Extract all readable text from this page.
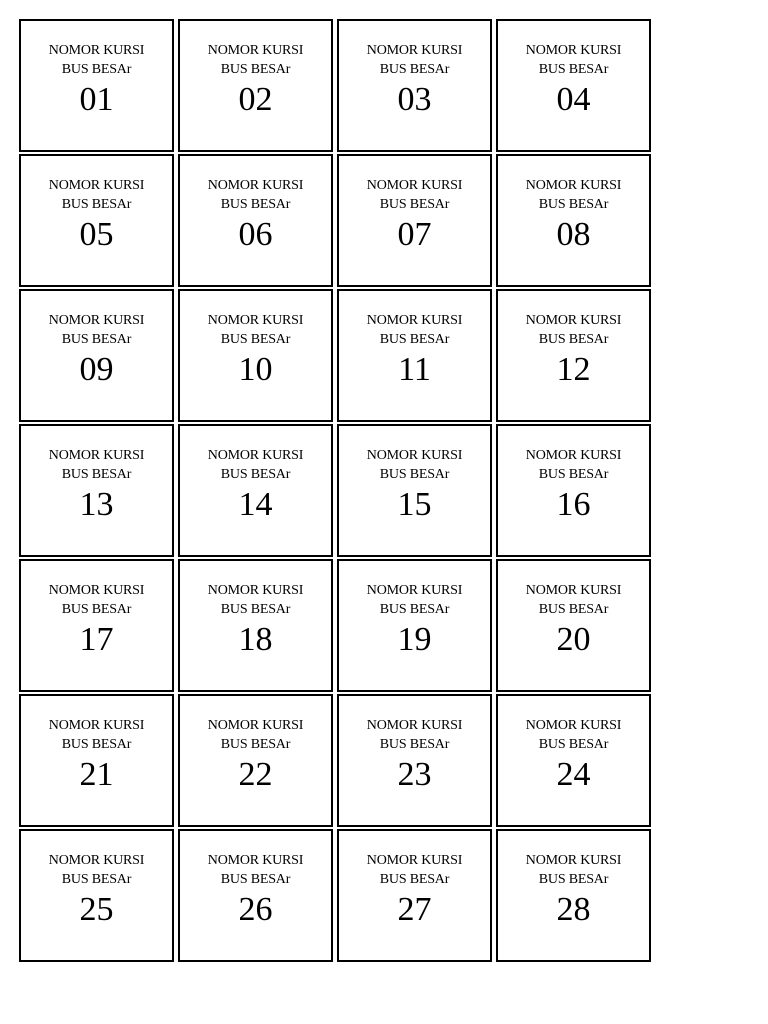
NOMOR KURSI
BUS BESAr
01
NOMOR KURSI
BUS BESAr
02
NOMOR KURSI
BUS BESAr
03
NOMOR KURSI
BUS BESAr
04
NOMOR KURSI
BUS BESAr
05
NOMOR KURSI
BUS BESAr
06
NOMOR KURSI
BUS BESAr
07
NOMOR KURSI
BUS BESAr
08
NOMOR KURSI
BUS BESAr
09
NOMOR KURSI
BUS BESAr
10
NOMOR KURSI
BUS BESAr
11
NOMOR KURSI
BUS BESAr
12
NOMOR KURSI
BUS BESAr
13
NOMOR KURSI
BUS BESAr
14
NOMOR KURSI
BUS BESAr
15
NOMOR KURSI
BUS BESAr
16
NOMOR KURSI
BUS BESAr
17
NOMOR KURSI
BUS BESAr
18
NOMOR KURSI
BUS BESAr
19
NOMOR KURSI
BUS BESAr
20
NOMOR KURSI
BUS BESAr
21
NOMOR KURSI
BUS BESAr
22
NOMOR KURSI
BUS BESAr
23
NOMOR KURSI
BUS BESAr
24
NOMOR KURSI
BUS BESAr
25
NOMOR KURSI
BUS BESAr
26
NOMOR KURSI
BUS BESAr
27
NOMOR KURSI
BUS BESAr
28
